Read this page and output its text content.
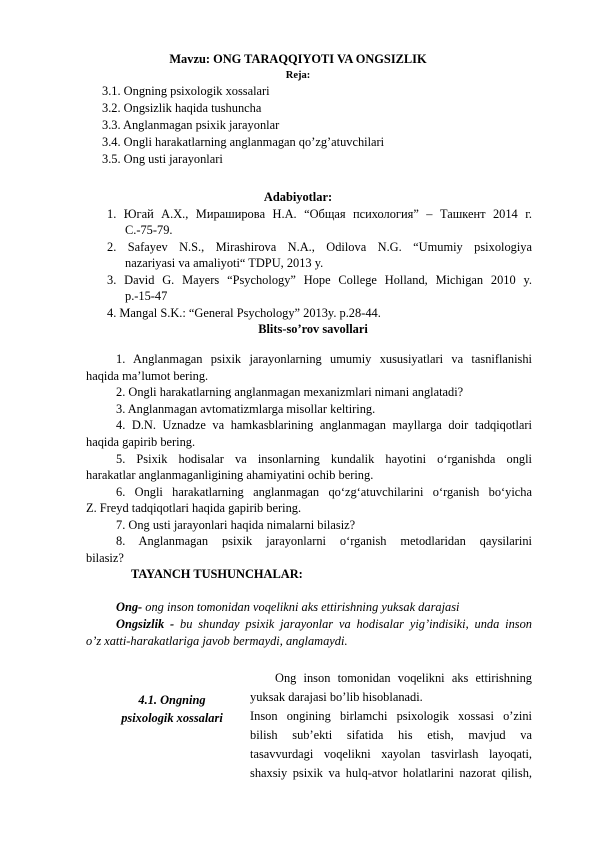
Mavzu: ONG TARAQQIYOTI VA ONGSIZLIK
Reja:
3.1. Ongning psixologik xossalari
3.2. Ongsizlik haqida tushuncha
3.3. Anglanmagan psixik jarayonlar
3.4. Ongli harakatlarning anglanmagan qo’zg’atuvchilari
3.5. Ong usti jarayonlari
Adabiyotlar:
1. Югай А.Х., Мирашировa Н.А. “Общая психология” – Ташкент 2014 г.
С.-75-79.
2. Safayev N.S., Mirashirova N.A., Odilova N.G. “Umumiy psixologiya
nazariyasi va amaliyoti“ TDPU, 2013 y.
3. David G. Mayers “Psychology” Hope College Holland, Michigan 2010 y.
p.-15-47
4. Mangal S.K.: “General Psychology” 2013y. p.28-44.
Blits-so’rov savollari
1. Anglanmagan psixik jarayonlarning umumiy xususiyatlari va tasniflanishi
haqida ma’lumot bering.
2. Ongli harakatlarning anglanmagan mexanizmlari nimani anglatadi?
3. Anglanmagan avtomatizmlarga misollar keltiring.
4. D.N. Uznadze va hamkasblarining anglanmagan mayllarga doir tadqiqotlari
haqida gapirib bering.
5. Psixik hodisalar va insonlarning kundalik hayotini o‘rganishda ongli
harakatlar anglanmaganligining ahamiyatini ochib bering.
6. Ongli harakatlarning anglanmagan qo‘zg‘atuvchilarini o‘rganish bo‘yicha
Z. Freyd tadqiqotlari haqida gapirib bering.
7. Ong usti jarayonlari haqida nimalarni bilasiz?
8. Anglanmagan psixik jarayonlarni o‘rganish metodlaridan qaysilarini
bilasiz?
TAYANCH TUSHUNCHALAR:
Ong- ong inson tomonidan voqelikni aks ettirishning yuksak darajasi
Ongsizlik - bu shunday psixik jarayonlar va hodisalar yig’indisiki, unda inson
o’z xatti-harakatlariga javob bermaydi, anglamaydi.
4.1. Ongning
psixologik xossalari
Ong inson tomonidan voqelikni aks ettirishning
yuksak darajasi bo’lib hisoblanadi.
Inson ongining birlamchi psixologik xossasi o’zini
bilish sub’ekti sifatida his etish, mavjud va
tasavvurdagi voqelikni xayolan tasvirlash layoqati,
shaxsiy psixik va hulq-atvor holatlarini nazorat qilish,
